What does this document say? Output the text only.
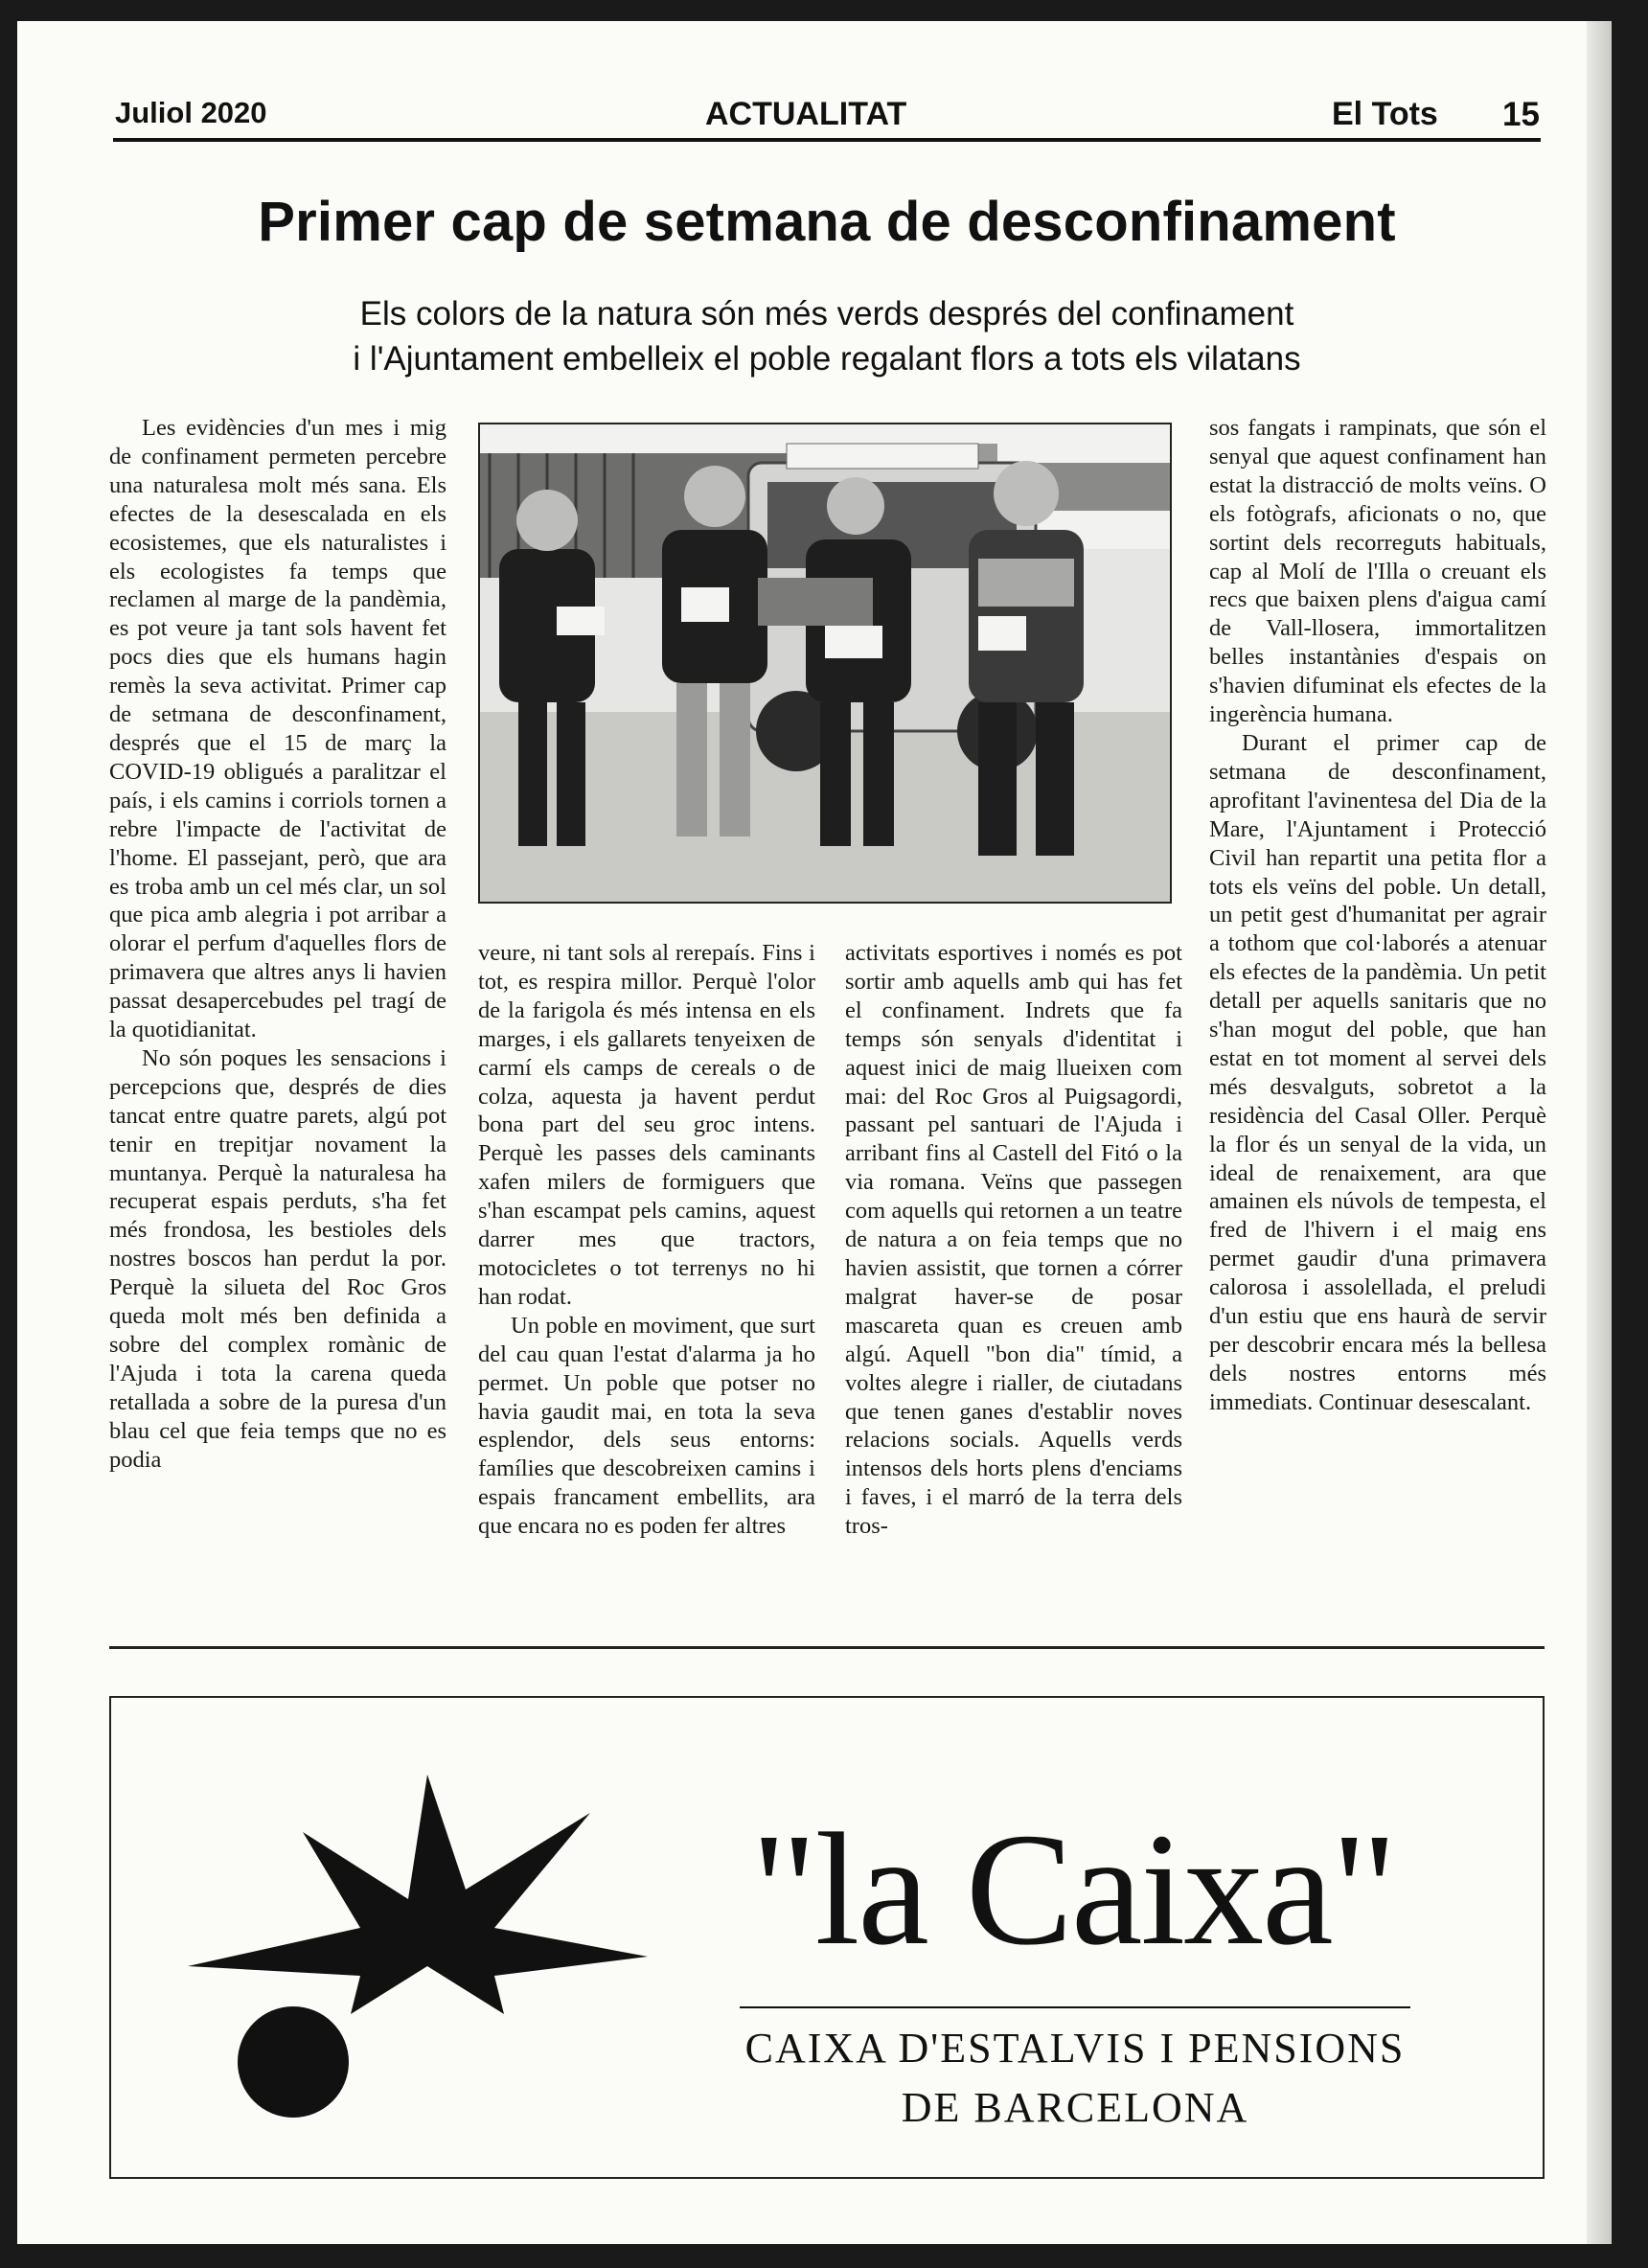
Juliol 2020	ACTUALITAT	El Tots 15
Primer cap de setmana de desconfinament
Els colors de la natura són més verds després del confinament
i l'Ajuntament embelleix el poble regalant flors a tots els vilatans

Les evidències d'un mes i mig de confinament permeten percebre una naturalesa molt més sana. Els efectes de la desescalada en els ecosistemes, que els naturalistes i els ecologistes fa temps que reclamen al marge de la pandèmia, es pot veure ja tant sols havent fet pocs dies que els humans hagin remès la seva activitat. Primer cap de setmana de desconfinament, després que el 15 de març la COVID-19 obligués a paralitzar el país, i els camins i corriols tornen a rebre l'impacte de l'activitat de l'home. El passejant, però, que ara es troba amb un cel més clar, un sol que pica amb alegria i pot arribar a olorar el perfum d'aquelles flors de primavera que altres anys li havien passat desapercebudes pel tragí de la quotidianitat.

No són poques les sensacions i percepcions que, després de dies tancat entre quatre parets, algú pot tenir en trepitjar novament la muntanya. Perquè la naturalesa ha recuperat espais perduts, s'ha fet més frondosa, les bestioles dels nostres boscos han perdut la por. Perquè la silueta del Roc Gros queda molt més ben definida a sobre del complex romànic de l'Ajuda i tota la carena queda retallada a sobre de la puresa d'un blau cel que feia temps que no es podia

veure, ni tant sols al rerepaís. Fins i tot, es respira millor. Perquè l'olor de la farigola és més intensa en els marges, i els gallarets tenyeixen de carmí els camps de cereals o de colza, aquesta ja havent perdut bona part del seu groc intens. Perquè les passes dels caminants xafen milers de formiguers que s'han escampat pels camins, aquest darrer mes que tractors, motocicletes o tot terrenys no hi han rodat.

Un poble en moviment, que surt del cau quan l'estat d'alarma ja ho permet. Un poble que potser no havia gaudit mai, en tota la seva esplendor, dels seus entorns: famílies que descobreixen camins i espais francament embellits, ara que encara no es poden fer altres

activitats esportives i només es pot sortir amb aquells amb qui has fet el confinament. Indrets que fa temps són senyals d'identitat i aquest inici de maig llueixen com mai: del Roc Gros al Puigsagordi, passant pel santuari de l'Ajuda i arribant fins al Castell del Fitó o la via romana. Veïns que passegen com aquells qui retornen a un teatre de natura a on feia temps que no havien assistit, que tornen a córrer malgrat haver-se de posar mascareta quan es creuen amb algú. Aquell "bon dia" tímid, a voltes alegre i rialler, de ciutadans que tenen ganes d'establir noves relacions socials. Aquells verds intensos dels horts plens d'enciams i faves, i el marró de la terra dels tros-

sos fangats i rampinats, que són el senyal que aquest confinament han estat la distracció de molts veïns. O els fotògrafs, aficionats o no, que sortint dels recorreguts habituals, cap al Molí de l'Illa o creuant els recs que baixen plens d'aigua camí de Vall-llosera, immortalitzen belles instantànies d'espais on s'havien difuminat els efectes de la ingerència humana.

Durant el primer cap de setmana de desconfinament, aprofitant l'avinentesa del Dia de la Mare, l'Ajuntament i Protecció Civil han repartit una petita flor a tots els veïns del poble. Un detall, un petit gest d'humanitat per agrair a tothom que col·laborés a atenuar els efectes de la pandèmia. Un petit detall per aquells sanitaris que no s'han mogut del poble, que han estat en tot moment al servei dels més desvalguts, sobretot a la residència del Casal Oller. Perquè la flor és un senyal de la vida, un ideal de renaixement, ara que amainen els núvols de tempesta, el fred de l'hivern i el maig ens permet gaudir d'una primavera calorosa i assolellada, el preludi d'un estiu que ens haurà de servir per descobrir encara més la bellesa dels nostres entorns més immediats. Continuar desescalant.

"la Caixa"
CAIXA D'ESTALVIS I PENSIONS
DE BARCELONA
